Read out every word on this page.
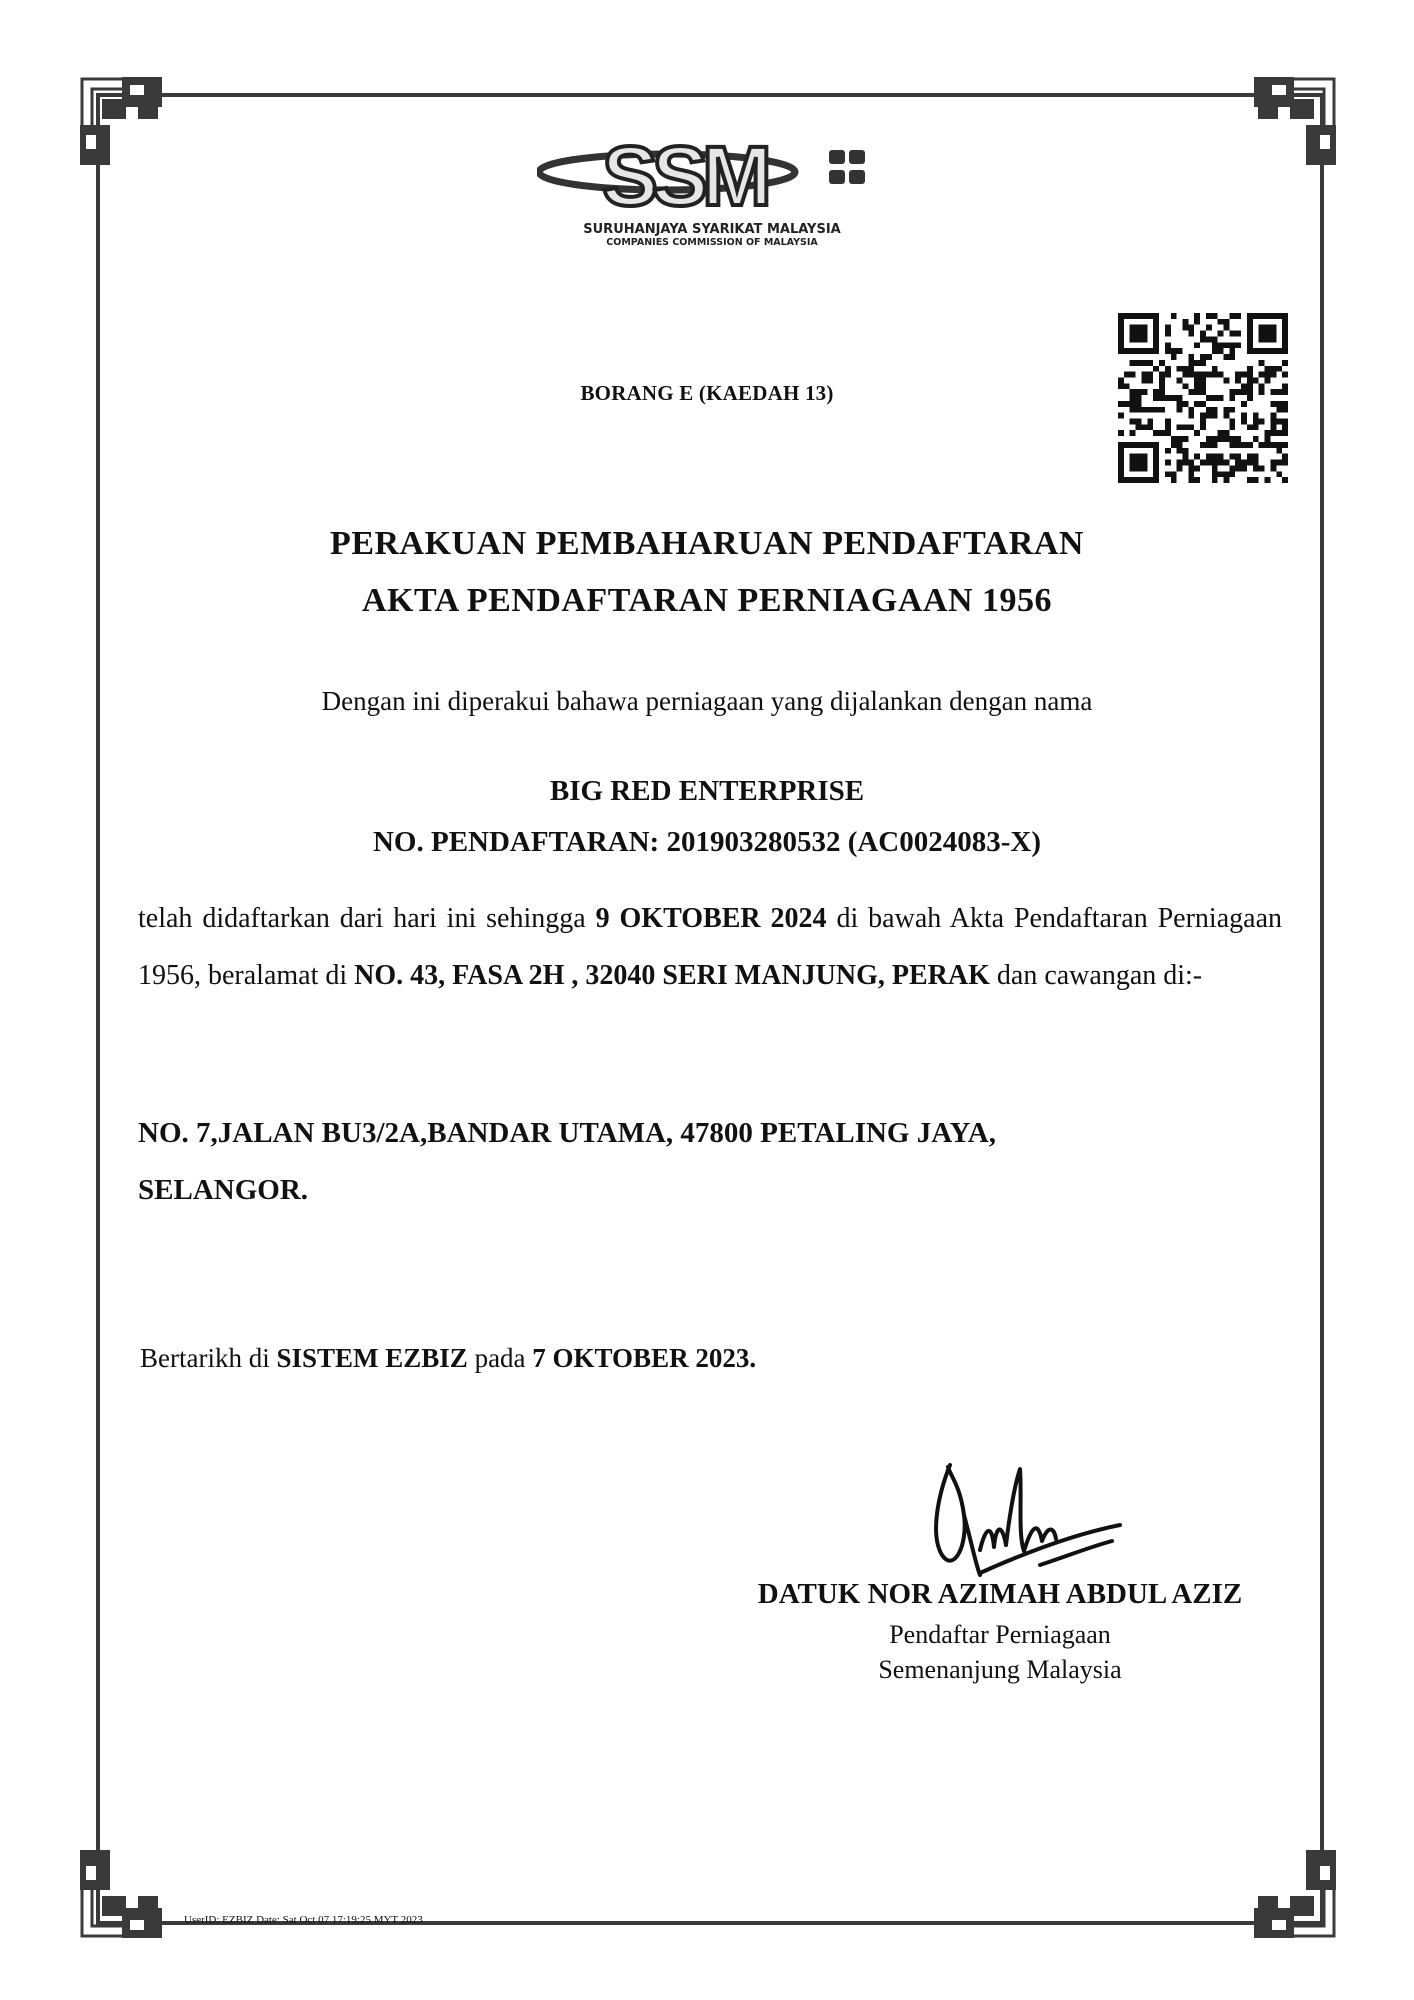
SSM
SURUHANJAYA SYARIKAT MALAYSIA
COMPANIES COMMISSION OF MALAYSIA
BORANG E (KAEDAH 13)
PERAKUAN PEMBAHARUAN PENDAFTARAN
AKTA PENDAFTARAN PERNIAGAAN 1956
Dengan ini diperakui bahawa perniagaan yang dijalankan dengan nama
BIG RED ENTERPRISE
NO. PENDAFTARAN: 201903280532 (AC0024083-X)
telah didaftarkan dari hari ini sehingga 9 OKTOBER 2024 di bawah Akta Pendaftaran Perniagaan 1956, beralamat di NO. 43, FASA 2H , 32040 SERI MANJUNG, PERAK dan cawangan di:-
NO. 7,JALAN BU3/2A,BANDAR UTAMA, 47800 PETALING JAYA,
SELANGOR.
Bertarikh di SISTEM EZBIZ pada 7 OKTOBER 2023.
DATUK NOR AZIMAH ABDUL AZIZ
Pendaftar Perniagaan
Semenanjung Malaysia
UserID: EZBIZ Date: Sat Oct 07 17:19:25 MYT 2023
